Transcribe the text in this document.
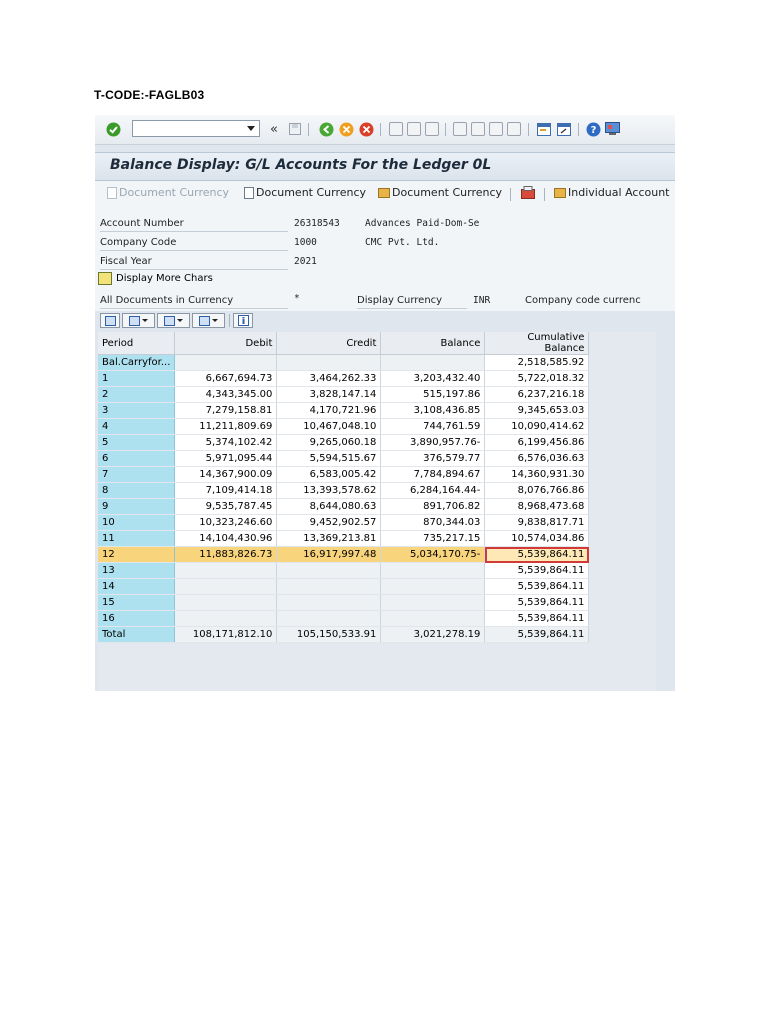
T-CODE:-FAGLB03
«	?
Balance Display: G/L Accounts For the Ledger 0L
Document Currency Document Currency Document Currency	Individual Account
Account Number	26318543	Advances Paid-Dom-Se
Company Code	1000	CMC Pvt. Ltd.
Fiscal Year	2021
Display More Chars
All Documents in Currency	*	Display Currency	INR	Company code currenc
Period	Debit	Credit	Balance	Cumulative Balance
Bal.Carryfor...				2,518,585.92
1	6,667,694.73	3,464,262.33	3,203,432.40	5,722,018.32
2	4,343,345.00	3,828,147.14	515,197.86	6,237,216.18
3	7,279,158.81	4,170,721.96	3,108,436.85	9,345,653.03
4	11,211,809.69	10,467,048.10	744,761.59	10,090,414.62
5	5,374,102.42	9,265,060.18	3,890,957.76-	6,199,456.86
6	5,971,095.44	5,594,515.67	376,579.77	6,576,036.63
7	14,367,900.09	6,583,005.42	7,784,894.67	14,360,931.30
8	7,109,414.18	13,393,578.62	6,284,164.44-	8,076,766.86
9	9,535,787.45	8,644,080.63	891,706.82	8,968,473.68
10	10,323,246.60	9,452,902.57	870,344.03	9,838,817.71
11	14,104,430.96	13,369,213.81	735,217.15	10,574,034.86
12	11,883,826.73	16,917,997.48	5,034,170.75-	5,539,864.11
13				5,539,864.11
14				5,539,864.11
15				5,539,864.11
16				5,539,864.11
Total	108,171,812.10	105,150,533.91	3,021,278.19	5,539,864.11
